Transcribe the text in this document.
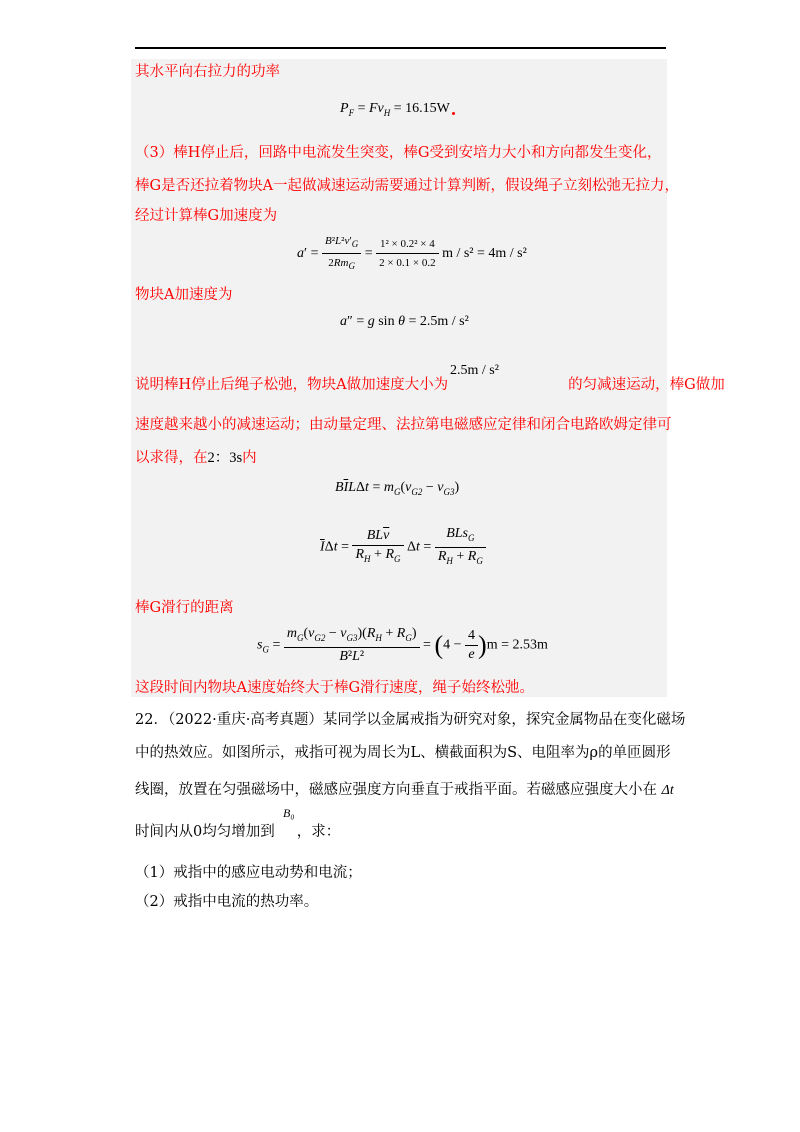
其水平向右拉力的功率
$P_F = Fv_H = 16.15W$
（3）棒H停止后，回路中电流发生突变，棒G受到安培力大小和方向都发生变化，
棒G是否还拉着物块A一起做减速运动需要通过计算判断，假设绳子立刻松弛无拉力，
经过计算棒G加速度为
$a' = \frac{B^2L^2v'_G}{2Rm_G} = \frac{\text{1² × 0.2² × 4}}{2 \times 0.1 \times 0.2}$ m / s² = 4m / s²
物块A加速度为
a″ = g sin θ = 2.5m / s²
说明棒H停止后绳子松弛，物块A做加速度大小为	的匀减速运动，棒G做加
2.5m / s²
速度越来越小的减速运动；由动量定理、法拉第电磁感应定律和闭合电路欧姆定律可
以求得，在2：3s内
$B\overline{I}L\Delta t = m_G(v_{G2} - v_{G3})$
$\overline{I}\Delta t = \frac{BL\overline{v}}{R_H + R_G}$ $\Delta t = \frac{BLs_G}{R_H + R_G}$
棒G滑行的距离
$s_G = \frac{m_G(v_{G2} - v_{G3})(R_H + R_G)}{\text{B²L²}} = (4 - \frac{4}{e} )m = 2.53m$
这段时间内物块A速度始终大于棒G滑行速度，绳子始终松弛。
22．（2022·重庆·高考真题）某同学以金属戒指为研究对象，探究金属物品在变化磁场
中的热效应。如图所示，戒指可视为周长为L、横截面积为S、电阻率为ρ的单匝圆形
线圈，放置在匀强磁场中，磁感应强度方向垂直于戒指平面。若磁感应强度大小在 Δt
B₀
时间内从0均匀增加到 ，求：
（1）戒指中的感应电动势和电流；
（2）戒指中电流的热功率。
